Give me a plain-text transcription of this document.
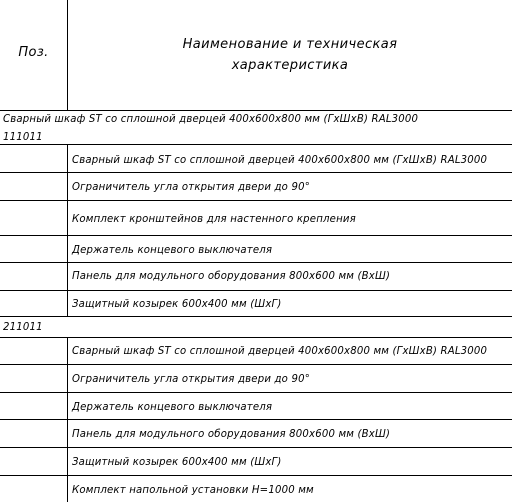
Поз.
Наименование и техническая
характеристика
Сварный шкаф ST со сплошной дверцей 400x600x800 мм (ГхШхВ) RAL3000
111011
Сварный шкаф ST со сплошной дверцей 400x600x800 мм (ГхШхВ) RAL3000
Ограничитель угла открытия двери до 90°
Комплект кронштейнов для настенного крепления
Держатель концевого выключателя
Панель для модульного оборудования 800x600 мм (ВхШ)
Защитный козырек 600x400 мм (ШхГ)
211011
Сварный шкаф ST со сплошной дверцей 400x600x800 мм (ГхШхВ) RAL3000
Ограничитель угла открытия двери до 90°
Держатель концевого выключателя
Панель для модульного оборудования 800x600 мм (ВхШ)
Защитный козырек 600x400 мм (ШхГ)
Комплект напольной установки H=1000 мм
